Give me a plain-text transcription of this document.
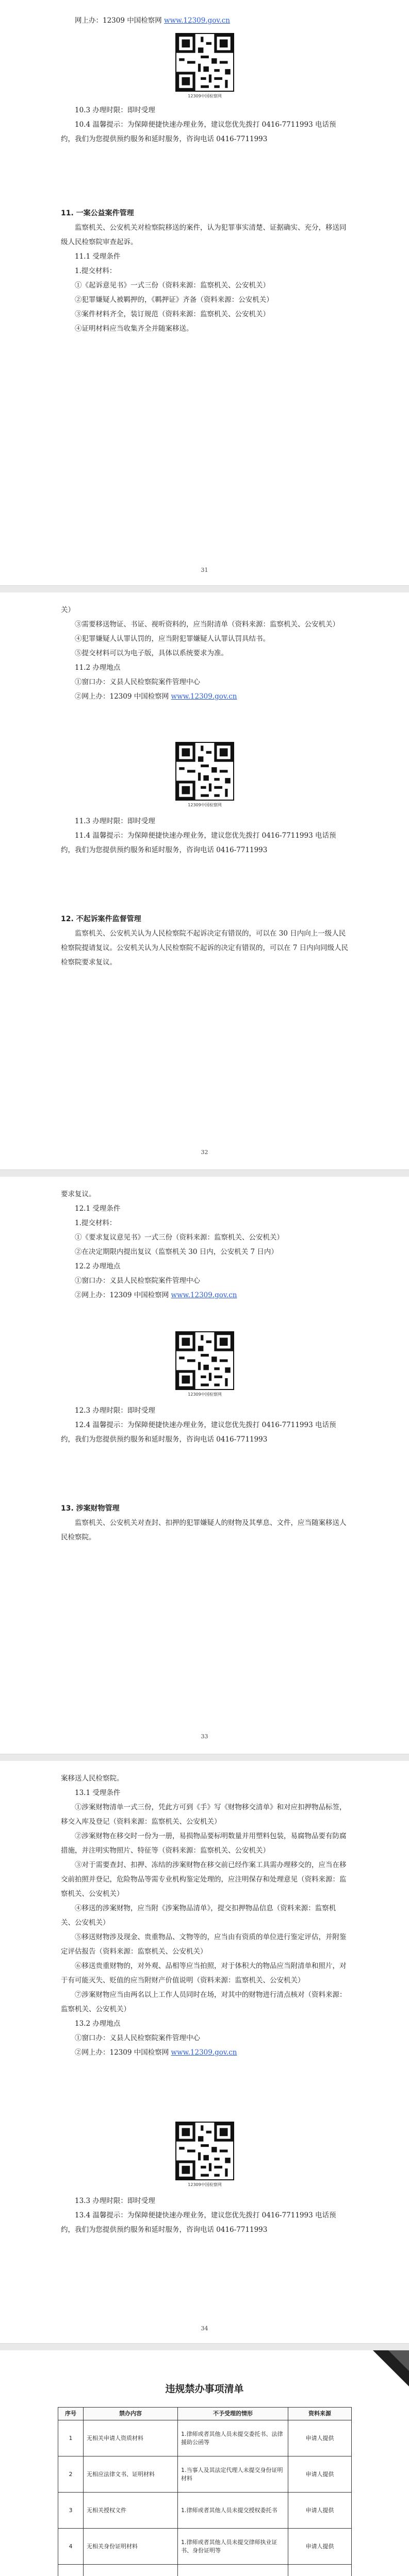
网上办：12309 中国检察网 www.12309.gov.cn

12309中国检察网

10.3 办理时限：即时受理

10.4 温馨提示：为保障便捷快速办理业务，建议您优先拨打 0416-7711993 电话预约，我们为您提供预约服务和延时服务，咨询电话 0416-7711993

11. 一案公益案件管理

监察机关、公安机关对检察院移送的案件，认为犯罪事实清楚、证据确实、充分，移送同级人民检察院审查起诉。

11.1 受理条件

1.提交材料：

①《起诉意见书》一式三份（资料来源：监察机关、公安机关）

②犯罪嫌疑人被羁押的，《羁押证》齐备（资料来源：公安机关）

③案件材料齐全，装订规范（资料来源：监察机关、公安机关）

④证明材料应当收集齐全并随案移送。

31

关）

③需要移送物证、书证、视听资料的，应当附清单（资料来源：监察机关、公安机关）

④犯罪嫌疑人认罪认罚的，应当附犯罪嫌疑人认罪认罚具结书。

⑤提交材料可以为电子版，具体以系统要求为准。

11.2 办理地点

①窗口办：义县人民检察院案件管理中心

②网上办：12309 中国检察网 www.12309.gov.cn

12309中国检察网

11.3 办理时限：即时受理

11.4 温馨提示：为保障便捷快速办理业务，建议您优先拨打 0416-7711993 电话预约，我们为您提供预约服务和延时服务，咨询电话 0416-7711993

12. 不起诉案件监督管理

监察机关、公安机关认为人民检察院不起诉决定有错误的，可以在 30 日内向上一级人民检察院提请复议。公安机关认为人民检察院不起诉的决定有错误的，可以在 7 日内向同级人民检察院要求复议。

32

要求复议。

12.1 受理条件

1.提交材料：

①《要求复议意见书》一式三份（资料来源：监察机关、公安机关）

②在决定期限内提出复议（监察机关 30 日内，公安机关 7 日内）

12.2 办理地点

①窗口办：义县人民检察院案件管理中心

②网上办：12309 中国检察网 www.12309.gov.cn

12309中国检察网

12.3 办理时限：即时受理

12.4 温馨提示：为保障便捷快速办理业务，建议您优先拨打 0416-7711993 电话预约，我们为您提供预约服务和延时服务，咨询电话 0416-7711993

13. 涉案财物管理

监察机关、公安机关对查封、扣押的犯罪嫌疑人的财物及其孳息、文件，应当随案移送人民检察院。

33

案移送人民检察院。

13.1 受理条件

①涉案财物清单一式三份，凭此方可到《手》写《财物移交清单》和对应扣押物品标签，移交入库及登记（资料来源：监察机关、公安机关）

②涉案财物在移交时一份为一册，易损物品要标明数量并用塑料包装，易腐物品要有防腐措施，并注明实物照片、特征等（资料来源：监察机关、公安机关）

③对于需要查封、扣押、冻结的涉案财物在移交前已经作案工具需办理移交的，应当在移交前拍照并登记，危险物品等需专业机构鉴定处理的，应注明保存和处理意见（资料来源：监察机关、公安机关）

④移送的涉案财物，应当附《涉案物品清单》，提交扣押物品信息（资料来源：监察机关、公安机关）

⑤移送财物涉及现金、贵重物品、文物等的，应当由有资质的单位进行鉴定评估，并附鉴定评估报告（资料来源：监察机关、公安机关）

⑥移送贵重财物的，对外观、品相等应当拍照，对于体积大的物品应当附清单和照片，对于有可能灭失、贬值的应当附财产价值说明（资料来源：监察机关、公安机关）

⑦涉案财物应当由两名以上工作人员同时在场，对其中的财物进行清点核对（资料来源：监察机关、公安机关）

13.2 办理地点

①窗口办：义县人民检察院案件管理中心

②网上办：12309 中国检察网 www.12309.gov.cn

12309中国检察网

13.3 办理时限：即时受理

13.4 温馨提示：为保障便捷快速办理业务，建议您优先拨打 0416-7711993 电话预约，我们为您提供预约服务和延时服务，咨询电话 0416-7711993

34
违规禁办事项清单
序号	禁办内容	不予受理的情形	资料来源
1	无相关申请人资质材料	1.律师或者其他人员未提交委托书、法律援助公函等	申请人提供
2	无相应法律文书、证明材料	1.当事人及其法定代理人未提交身份证明材料	申请人提供
3	无相关授权文件	1.律师或者其他人员未提交授权委托书	申请人提供
4	无相关身份证明材料	1.律师或者其他人员未提交律师执业证书、身份证明等	申请人提供
